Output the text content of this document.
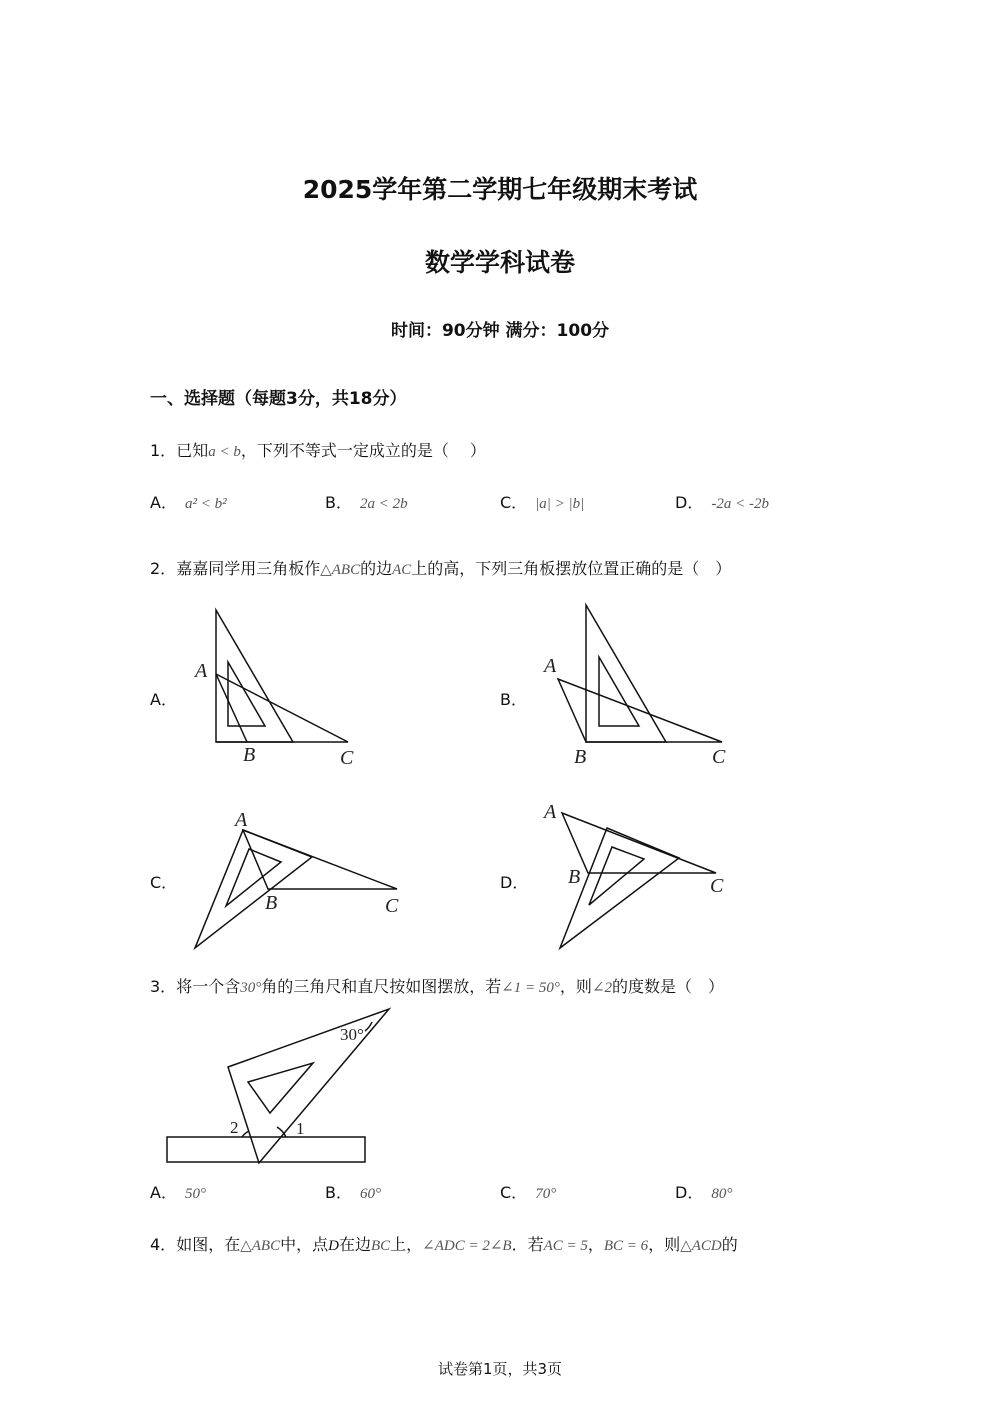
2025学年第二学期七年级期末考试
数学学科试卷
时间：90分钟 满分：100分
一、选择题（每题3分，共18分）
1．已知a < b，下列不等式一定成立的是（　 ）
A． a² < b²	B． 2a < 2b	C． |a| > |b|	D． -2a < -2b
2．嘉嘉同学用三角板作△ABC的边AC上的高，下列三角板摆放位置正确的是（　）
A．	B．
C．	D．
A
B	C
A
B	C
A
B	C
A
B	C
3．将一个含30°角的三角尺和直尺按如图摆放，若∠1 = 50°，则∠2的度数是（　）
30°
2	1
A． 50°	B． 60°	C． 70°	D． 80°
4．如图，在△ABC中，点D在边BC上，∠ADC = 2∠B．若AC = 5，BC = 6，则△ACD的
试卷第1页，共3页
